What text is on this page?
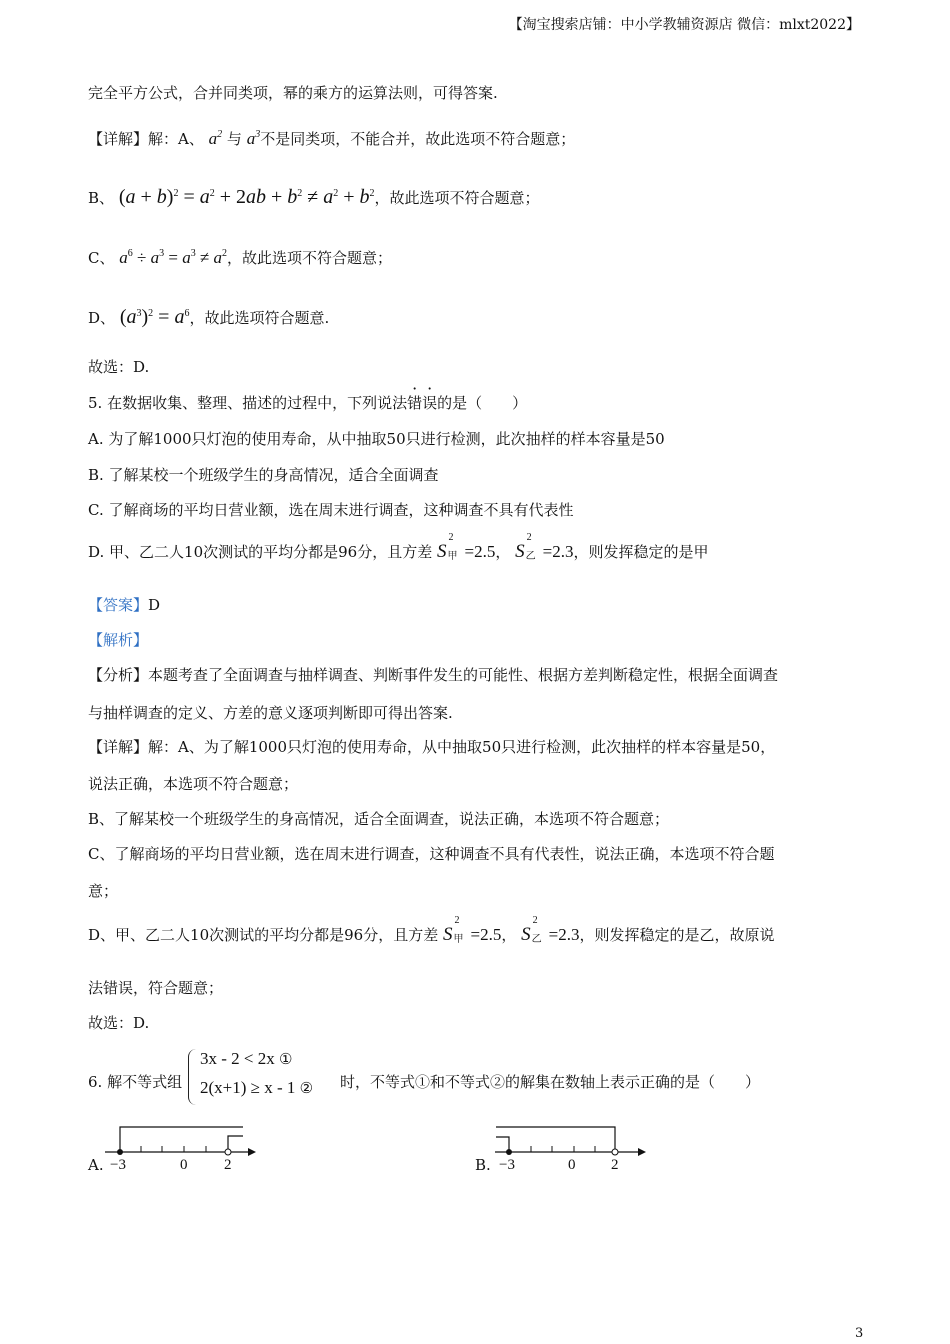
【淘宝搜索店铺：中小学教辅资源店 微信：mlxt2022】
完全平方公式，合并同类项，幂的乘方的运算法则，可得答案.
【详解】解：A、 $a^2$ 与 $a^3$不是同类项，不能合并，故此选项不符合题意；
B、 $(a + b)^2 = a^2 + 2ab + b^2 \ne a^2 + b^2$，故此选项不符合题意；
C、 $a^6 \div a^3 = a^3 \ne a^2$，故此选项不符合题意；
D、 $(a^3)^2 = a^6$，故此选项符合题意.
故选：D.
5. 在数据收集、整理、描述的过程中，下列说法错误的是（　　）
A. 为了解1000只灯泡的使用寿命，从中抽取50只进行检测，此次抽样的样本容量是50
B. 了解某校一个班级学生的身高情况，适合全面调查
C. 了解商场的平均日营业额，选在周末进行调查，这种调查不具有代表性
D. 甲、乙二人10次测试的平均分都是96分，且方差 S
2
甲 =2.5， S
2
乙 =2.3，则发挥稳定的是甲
【答案】D
【解析】
【分析】本题考查了全面调查与抽样调查、判断事件发生的可能性、根据方差判断稳定性，根据全面调查
与抽样调查的定义、方差的意义逐项判断即可得出答案.
【详解】解：A、为了解1000只灯泡的使用寿命，从中抽取50只进行检测，此次抽样的样本容量是50，
说法正确，本选项不符合题意；
B、了解某校一个班级学生的身高情况，适合全面调查，说法正确，本选项不符合题意；
C、了解商场的平均日营业额，选在周末进行调查，这种调查不具有代表性，说法正确，本选项不符合题
意；
D、甲、乙二人10次测试的平均分都是96分，且方差 S
2
甲 =2.5， S
2
乙 =2.3，则发挥稳定的是乙，故原说
法错误，符合题意；
故选：D.
6. 解不等式组
3x - 2 < 2x ①
2(x+1) ≥ x - 1 ② 时，不等式①和不等式②的解集在数轴上表示正确的是（　　）
A. −3	0 2	B. −3	0 2
3
